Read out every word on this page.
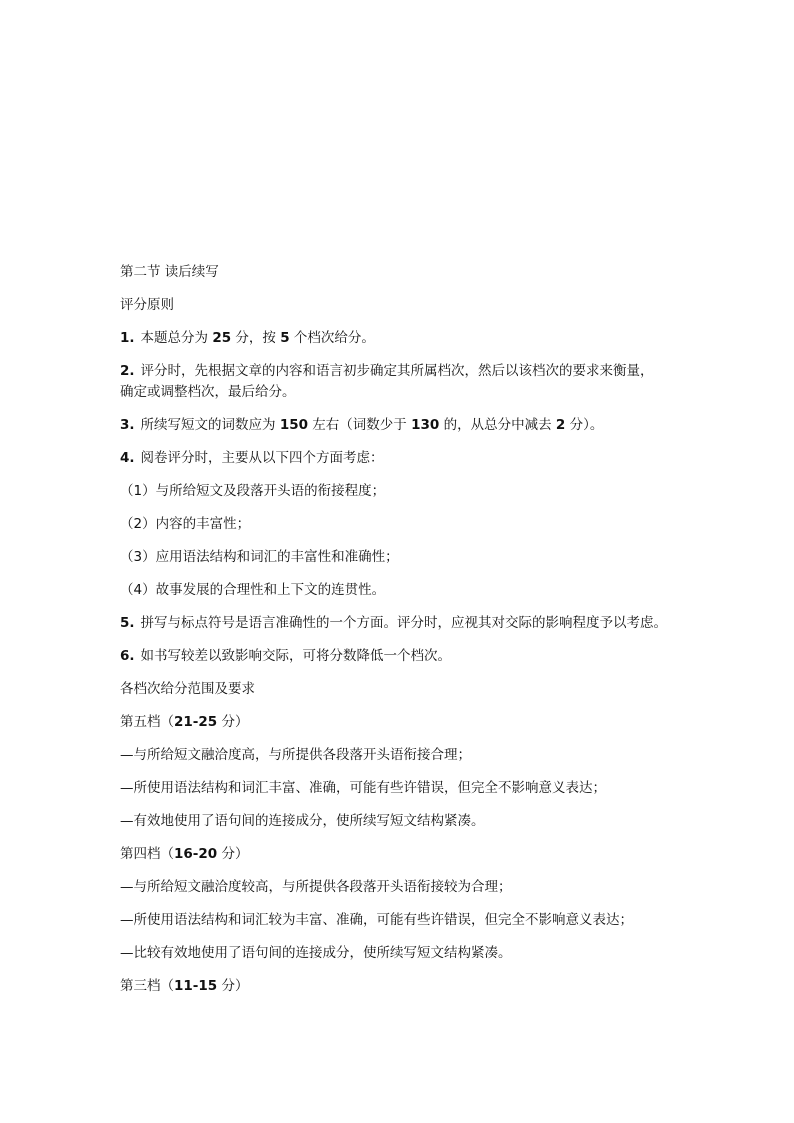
第二节 读后续写

评分原则

1. 本题总分为 25 分，按 5 个档次给分。

2. 评分时，先根据文章的内容和语言初步确定其所属档次，然后以该档次的要求来衡量，
确定或调整档次，最后给分。

3. 所续写短文的词数应为 150 左右（词数少于 130 的，从总分中减去 2 分）。

4. 阅卷评分时，主要从以下四个方面考虑：

（1）与所给短文及段落开头语的衔接程度；

（2）内容的丰富性；

（3）应用语法结构和词汇的丰富性和准确性；

（4）故事发展的合理性和上下文的连贯性。

5. 拼写与标点符号是语言准确性的一个方面。评分时，应视其对交际的影响程度予以考虑。

6. 如书写较差以致影响交际，可将分数降低一个档次。

各档次给分范围及要求

第五档（21-25 分）

—与所给短文融洽度高，与所提供各段落开头语衔接合理；

—所使用语法结构和词汇丰富、准确，可能有些许错误，但完全不影响意义表达；

—有效地使用了语句间的连接成分，使所续写短文结构紧凑。

第四档（16-20 分）

—与所给短文融洽度较高，与所提供各段落开头语衔接较为合理；

—所使用语法结构和词汇较为丰富、准确，可能有些许错误，但完全不影响意义表达；

—比较有效地使用了语句间的连接成分，使所续写短文结构紧凑。

第三档（11-15 分）
